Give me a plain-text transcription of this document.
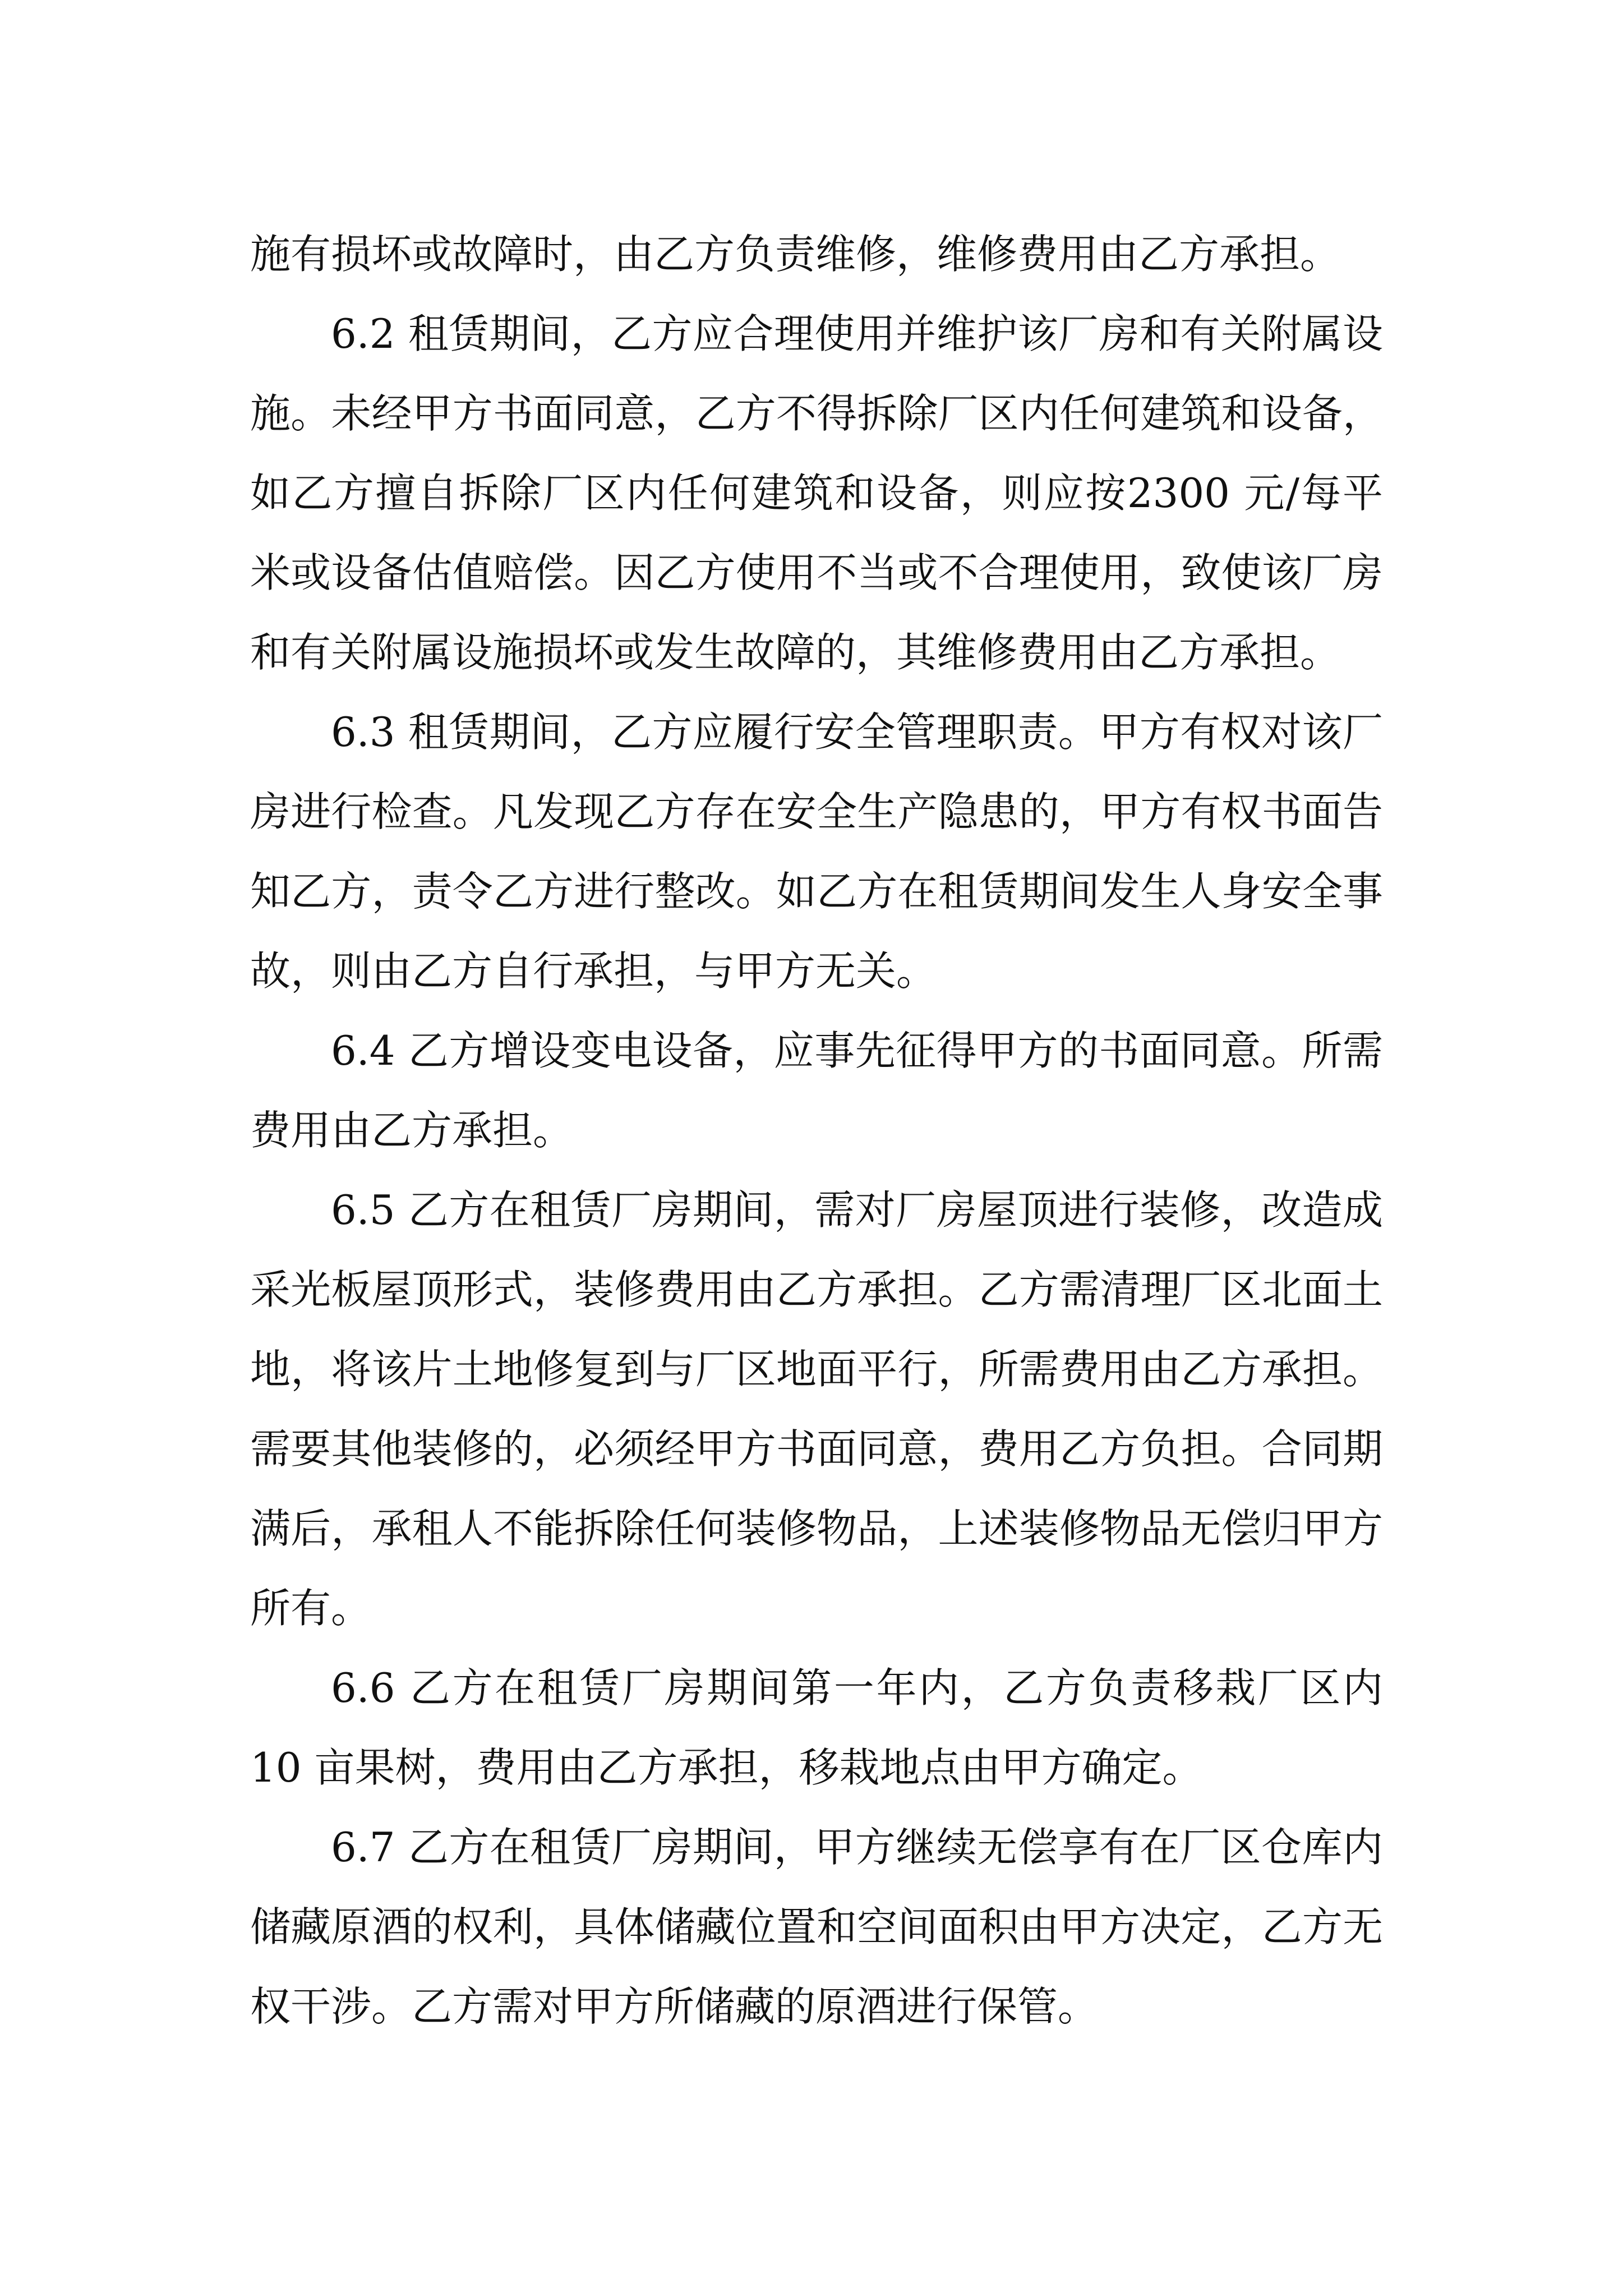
施有损坏或故障时，由乙方负责维修，维修费用由乙方承担。

6.2 租赁期间，乙方应合理使用并维护该厂房和有关附属设施。未经甲方书面同意，乙方不得拆除厂区内任何建筑和设备，如乙方擅自拆除厂区内任何建筑和设备，则应按2300 元/每平米或设备估值赔偿。因乙方使用不当或不合理使用，致使该厂房和有关附属设施损坏或发生故障的，其维修费用由乙方承担。

6.3 租赁期间，乙方应履行安全管理职责。甲方有权对该厂房进行检查。凡发现乙方存在安全生产隐患的，甲方有权书面告知乙方，责令乙方进行整改。如乙方在租赁期间发生人身安全事故，则由乙方自行承担，与甲方无关。

6.4 乙方增设变电设备，应事先征得甲方的书面同意。所需费用由乙方承担。

6.5 乙方在租赁厂房期间，需对厂房屋顶进行装修，改造成采光板屋顶形式，装修费用由乙方承担。乙方需清理厂区北面土地，将该片土地修复到与厂区地面平行，所需费用由乙方承担。需要其他装修的，必须经甲方书面同意，费用乙方负担。合同期满后，承租人不能拆除任何装修物品，上述装修物品无偿归甲方所有。

6.6 乙方在租赁厂房期间第一年内，乙方负责移栽厂区内 10 亩果树，费用由乙方承担，移栽地点由甲方确定。

6.7 乙方在租赁厂房期间，甲方继续无偿享有在厂区仓库内储藏原酒的权利，具体储藏位置和空间面积由甲方决定，乙方无权干涉。乙方需对甲方所储藏的原酒进行保管。
